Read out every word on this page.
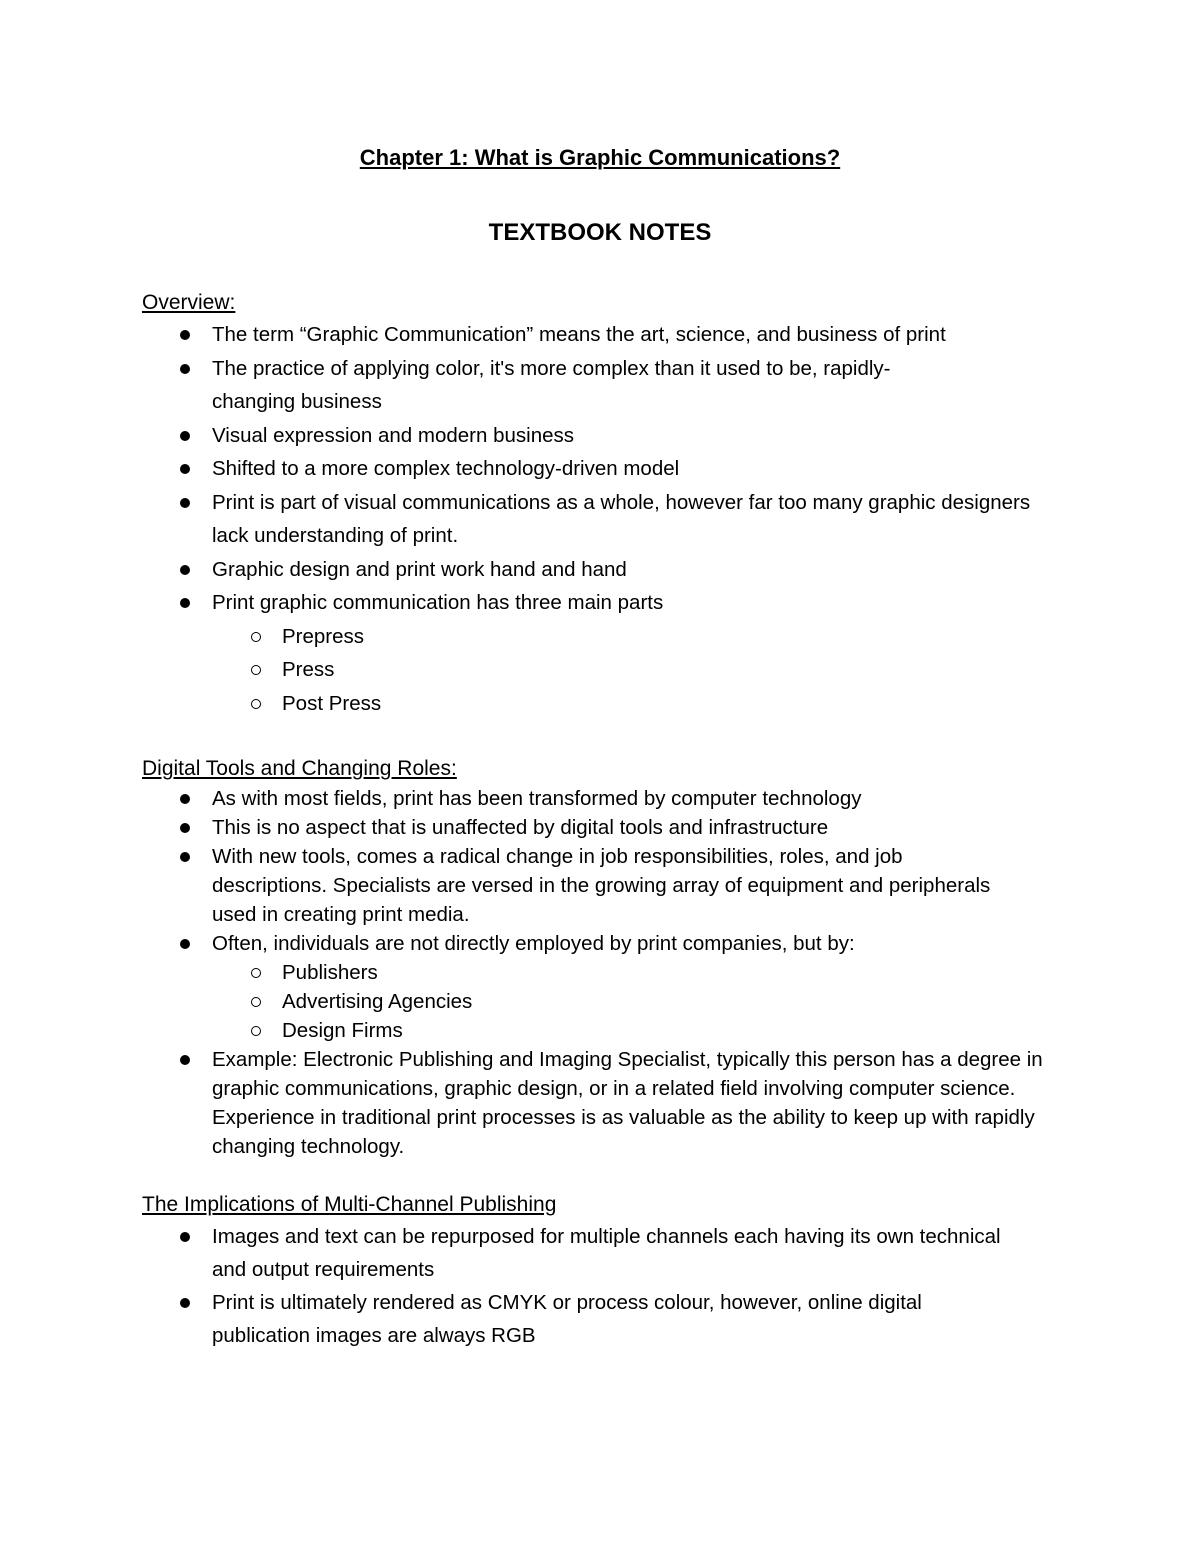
Chapter 1: What is Graphic Communications?
TEXTBOOK NOTES

Overview:

The term “Graphic Communication” means the art, science, and business of print
The practice of applying color, it's more complex than it used to be, rapidly-changing business
Visual expression and modern business
Shifted to a more complex technology-driven model
Print is part of visual communications as a whole, however far too many graphic designers lack understanding of print.
Graphic design and print work hand and hand
Print graphic communication has three main parts
Prepress
Press
Post Press

Digital Tools and Changing Roles:

As with most fields, print has been transformed by computer technology
This is no aspect that is unaffected by digital tools and infrastructure
With new tools, comes a radical change in job responsibilities, roles, and job descriptions. Specialists are versed in the growing array of equipment and peripherals used in creating print media.
Often, individuals are not directly employed by print companies, but by:
Publishers
Advertising Agencies
Design Firms
Example: Electronic Publishing and Imaging Specialist, typically this person has a degree in graphic communications, graphic design, or in a related field involving computer science. Experience in traditional print processes is as valuable as the ability to keep up with rapidly changing technology.

The Implications of Multi-Channel Publishing

Images and text can be repurposed for multiple channels each having its own technical and output requirements
Print is ultimately rendered as CMYK or process colour, however, online digital publication images are always RGB
